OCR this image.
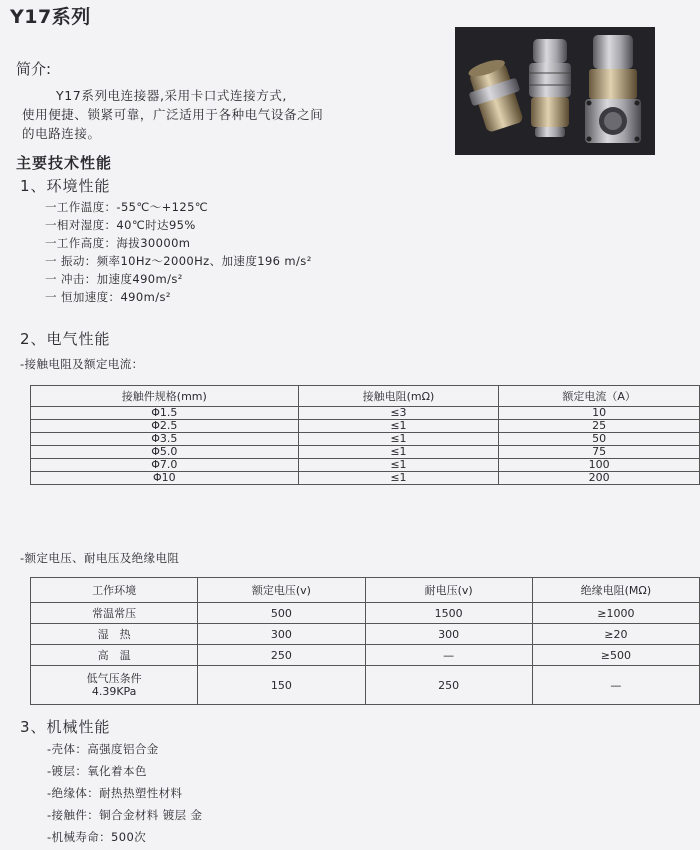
Y17系列
简介:
Y17系列电连接器,采用卡口式连接方式,
使用便捷、锁紧可靠，广泛适用于各种电气设备之间
的电路连接。
主要技术性能
1、环境性能
一工作温度：-55℃～+125℃
一相对湿度：40℃时达95%
一工作高度：海拔30000m
一 振动：频率10Hz～2000Hz、加速度196 m/s²
一 冲击：加速度490m/s²
一 恒加速度：490m/s²
2、电气性能
-接触电阻及额定电流：
接触件规格(mm)	接触电阻(mΩ)	额定电流（A）
Φ1.5	≤3	10
Φ2.5	≤1	25
Φ3.5	≤1	50
Φ5.0	≤1	75
Φ7.0	≤1	100
Φ10	≤1	200
-额定电压、耐电压及绝缘电阻
工作环境	额定电压(v)	耐电压(v)	绝缘电阻(MΩ)
常温常压	500	1500	≥1000
湿　热	300	300	≥20
高　温	250	—	≥500
低气压条件
4.39KPa	150	250	—
3、机械性能
-壳体：高强度铝合金
-镀层：氧化着本色
-绝缘体：耐热热塑性材料
-接触件：铜合金材料 镀层 金
-机械寿命：500次
